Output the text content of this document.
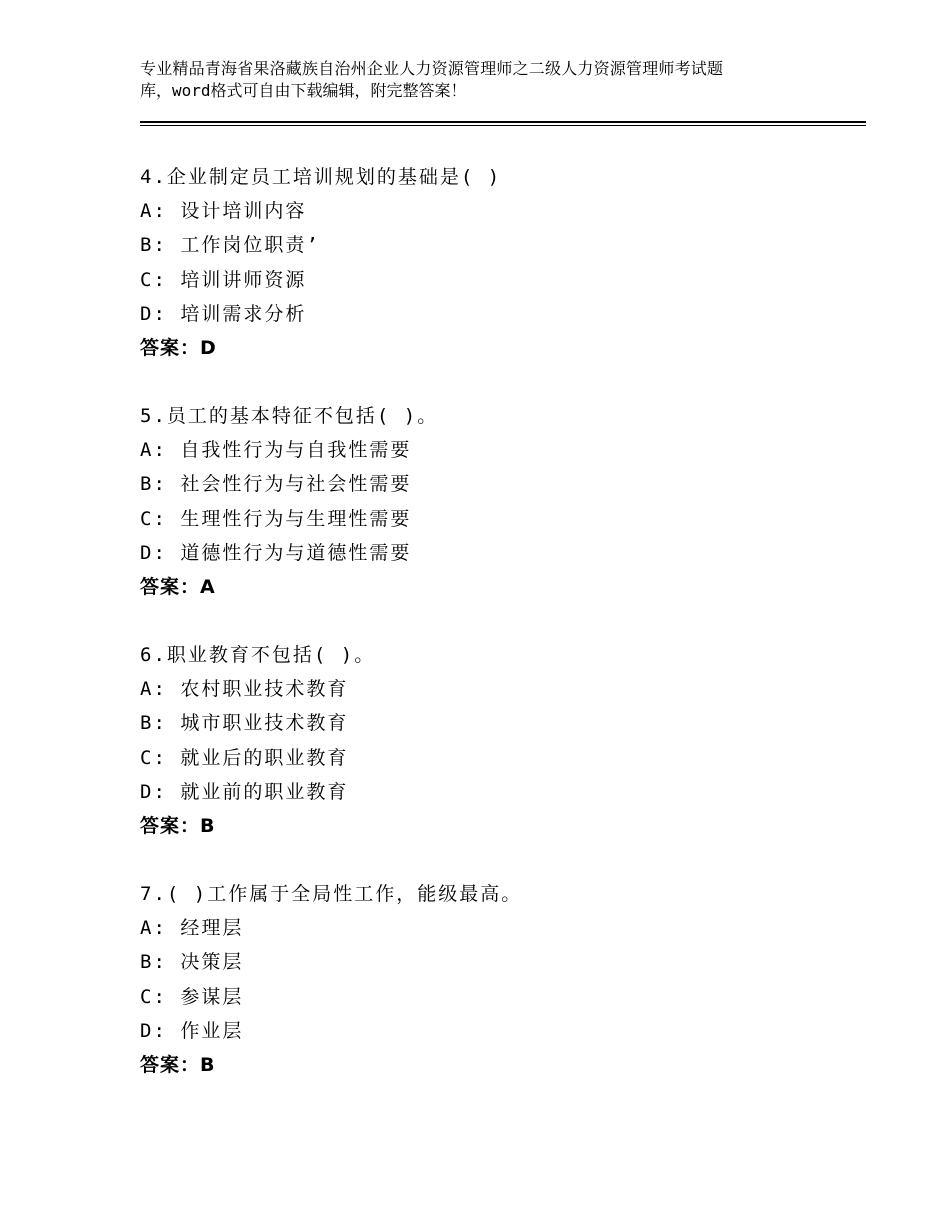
专业精品青海省果洛藏族自治州企业人力资源管理师之二级人力资源管理师考试题
库，word格式可自由下载编辑，附完整答案！
4.企业制定员工培训规划的基础是( )
A: 设计培训内容
B: 工作岗位职责’
C: 培训讲师资源
D: 培训需求分析
答案：D
5.员工的基本特征不包括( )。
A: 自我性行为与自我性需要
B: 社会性行为与社会性需要
C: 生理性行为与生理性需要
D: 道德性行为与道德性需要
答案：A
6.职业教育不包括( )。
A: 农村职业技术教育
B: 城市职业技术教育
C: 就业后的职业教育
D: 就业前的职业教育
答案：B
7.( )工作属于全局性工作，能级最高。
A: 经理层
B: 决策层
C: 参谋层
D: 作业层
答案：B
